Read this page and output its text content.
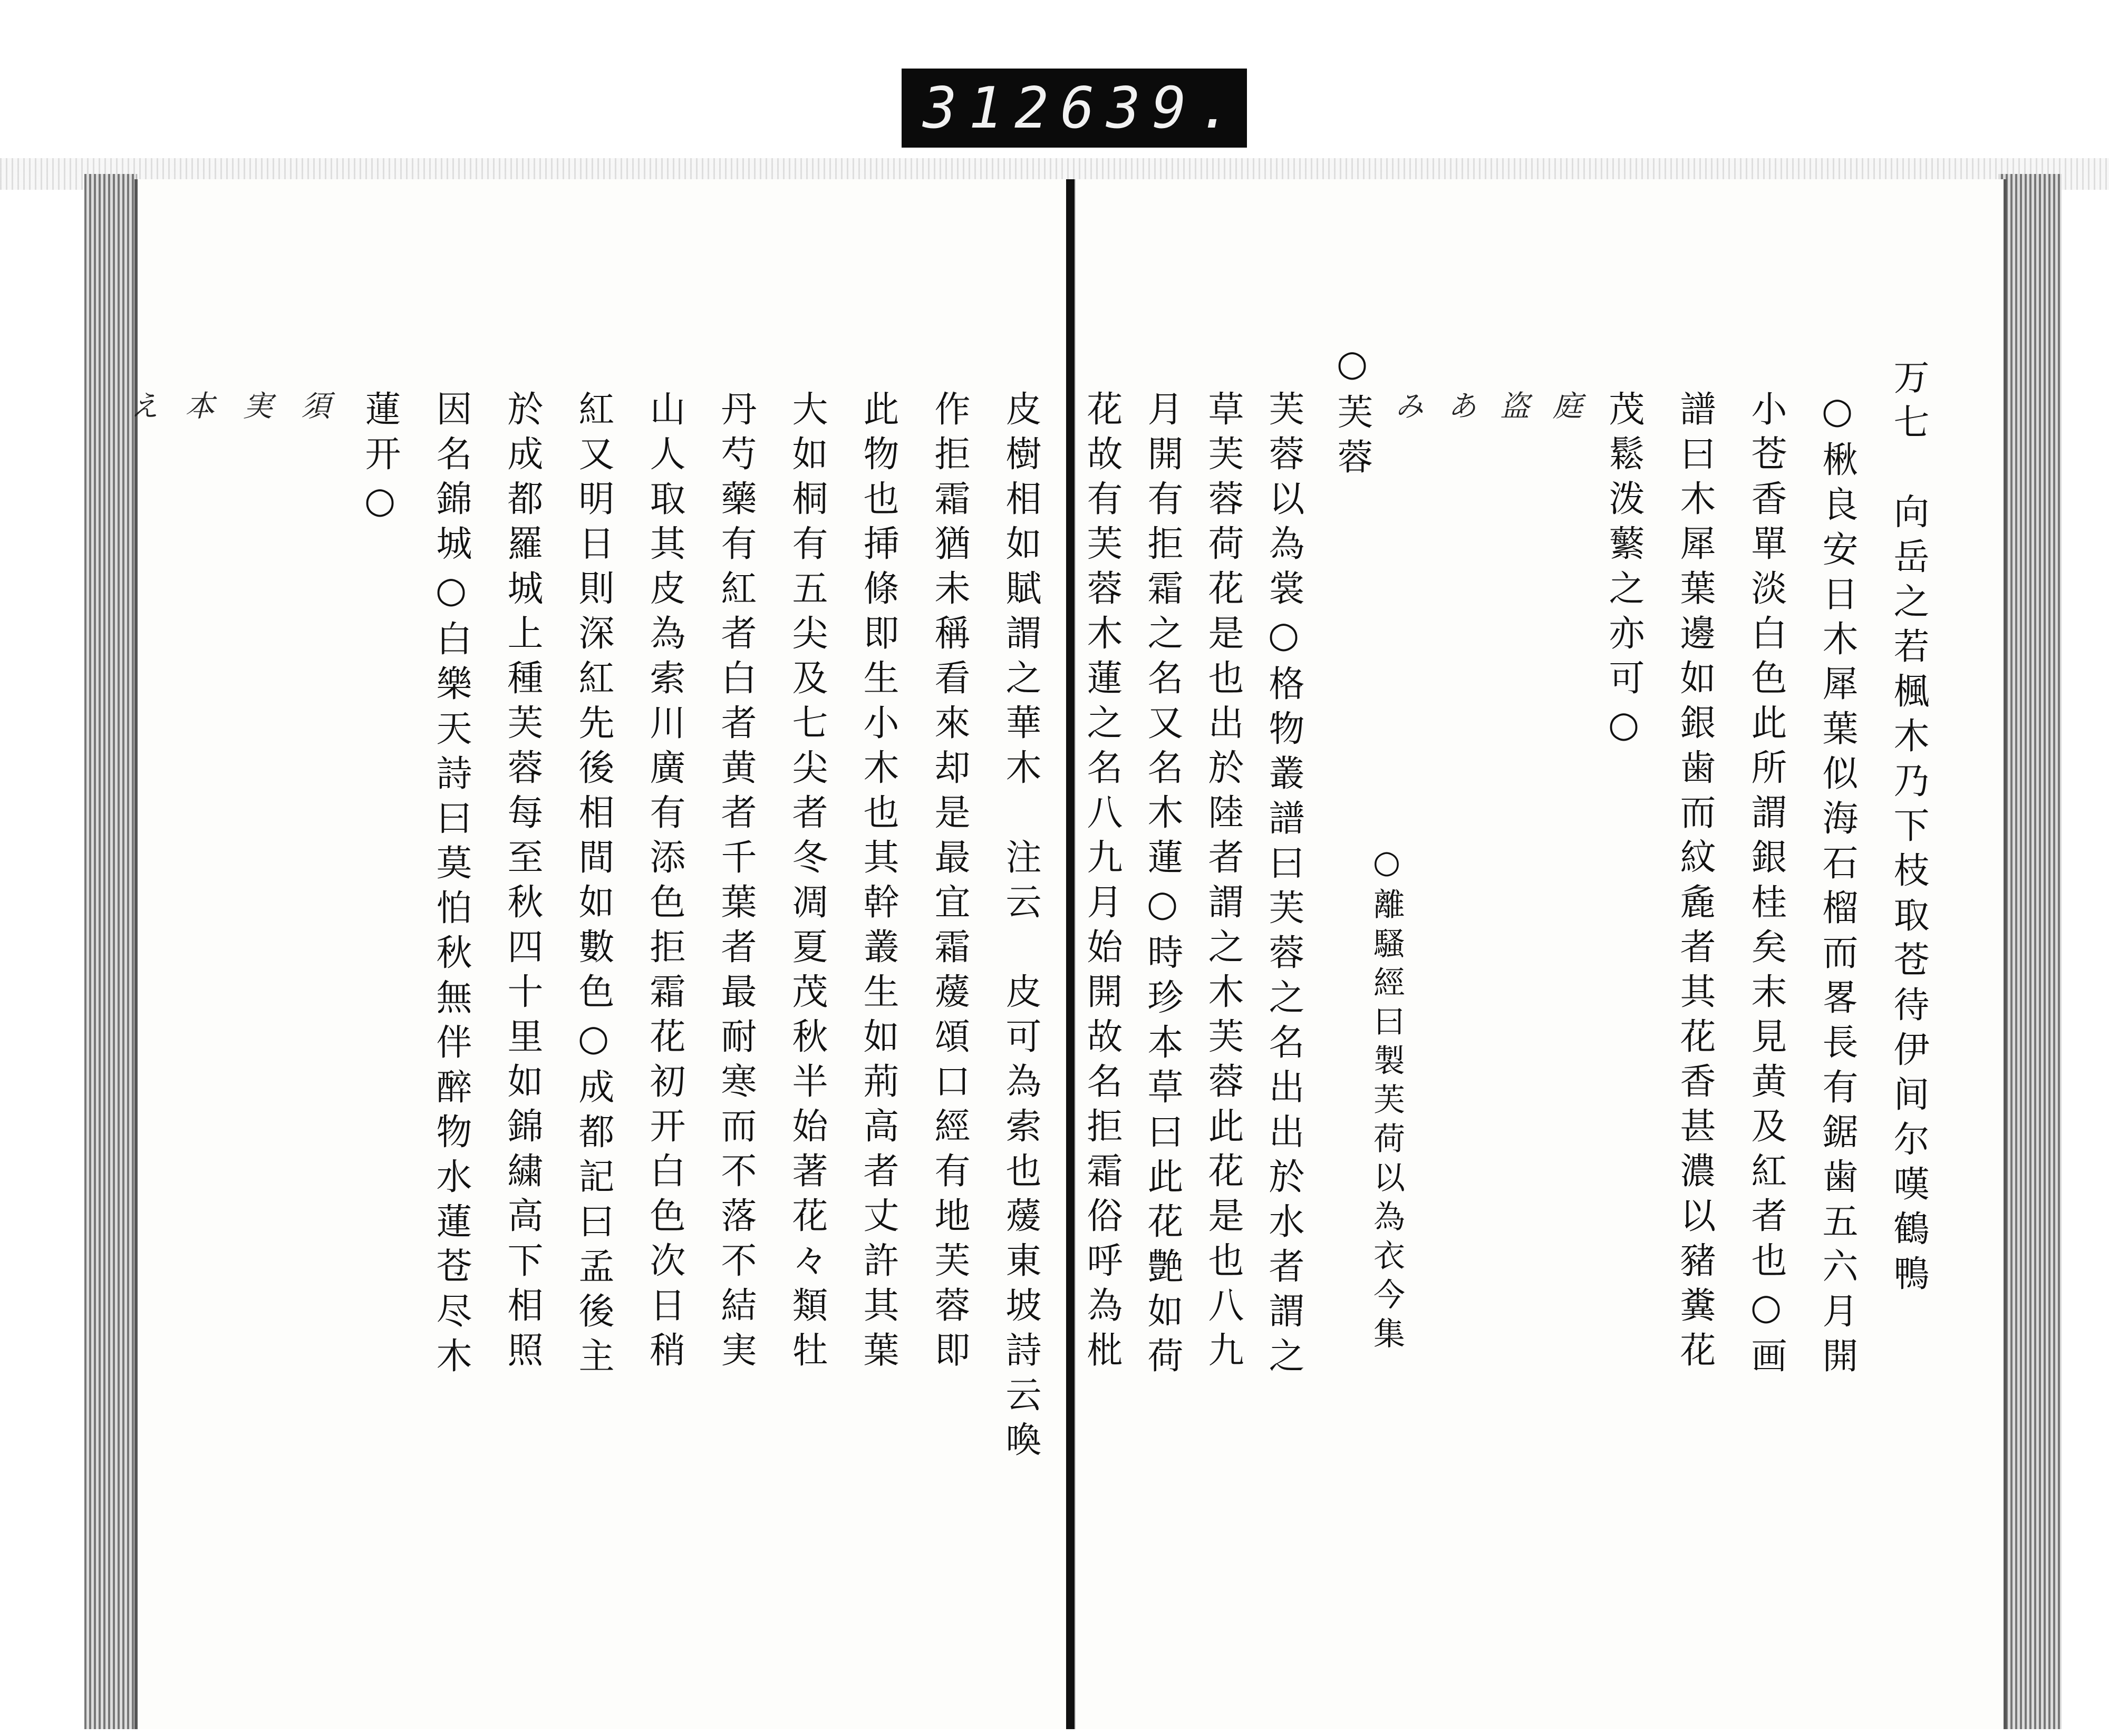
312 639.
皮樹相如賦謂之華木　注云　皮可為索也蕿東坡詩云喚
作拒霜猶未稱看來却是最宜霜蕿頌口經有地芙蓉即
此物也挿條即生小木也其幹叢生如荊高者丈許其葉
大如桐有五尖及七尖者冬凋夏茂秋半始著花々類牡
丹芍藥有紅者白者黄者千葉者最耐寒而不落不結実
山人取其皮為索川廣有添色拒霜花初开白色次日稍
紅又明日則深紅先後相間如數色○成都記曰孟後主
於成都羅城上種芙蓉每至秋四十里如錦繍高下相照
因名錦城○白樂天詩曰莫怕秋無伴醉物水蓮苍尽木
蓮开○
須
実
本
え	万七　向岳之若楓木乃下枝取苍待伊间尔嘆鶴鴨
○楸良安日木犀葉似海石榴而畧長有鋸歯五六月開
小苍香單淡白色此所謂銀桂矣末見黄及紅者也○画
譜曰木犀葉邊如銀歯而紋麁者其花香甚濃以豬糞花
茂鬆泼蘩之亦可○
庭
盗
あ
み
○芙蓉
芙蓉以為裳○格物叢譜曰芙蓉之名出出於水者謂之
草芙蓉荷花是也出於陸者謂之木芙蓉此花是也八九
月開有拒霜之名又名木蓮○時珍本草曰此花艶如荷
花故有芙蓉木蓮之名八九月始開故名拒霜俗呼為枇	○離騷經曰製芙荷以為衣今集
